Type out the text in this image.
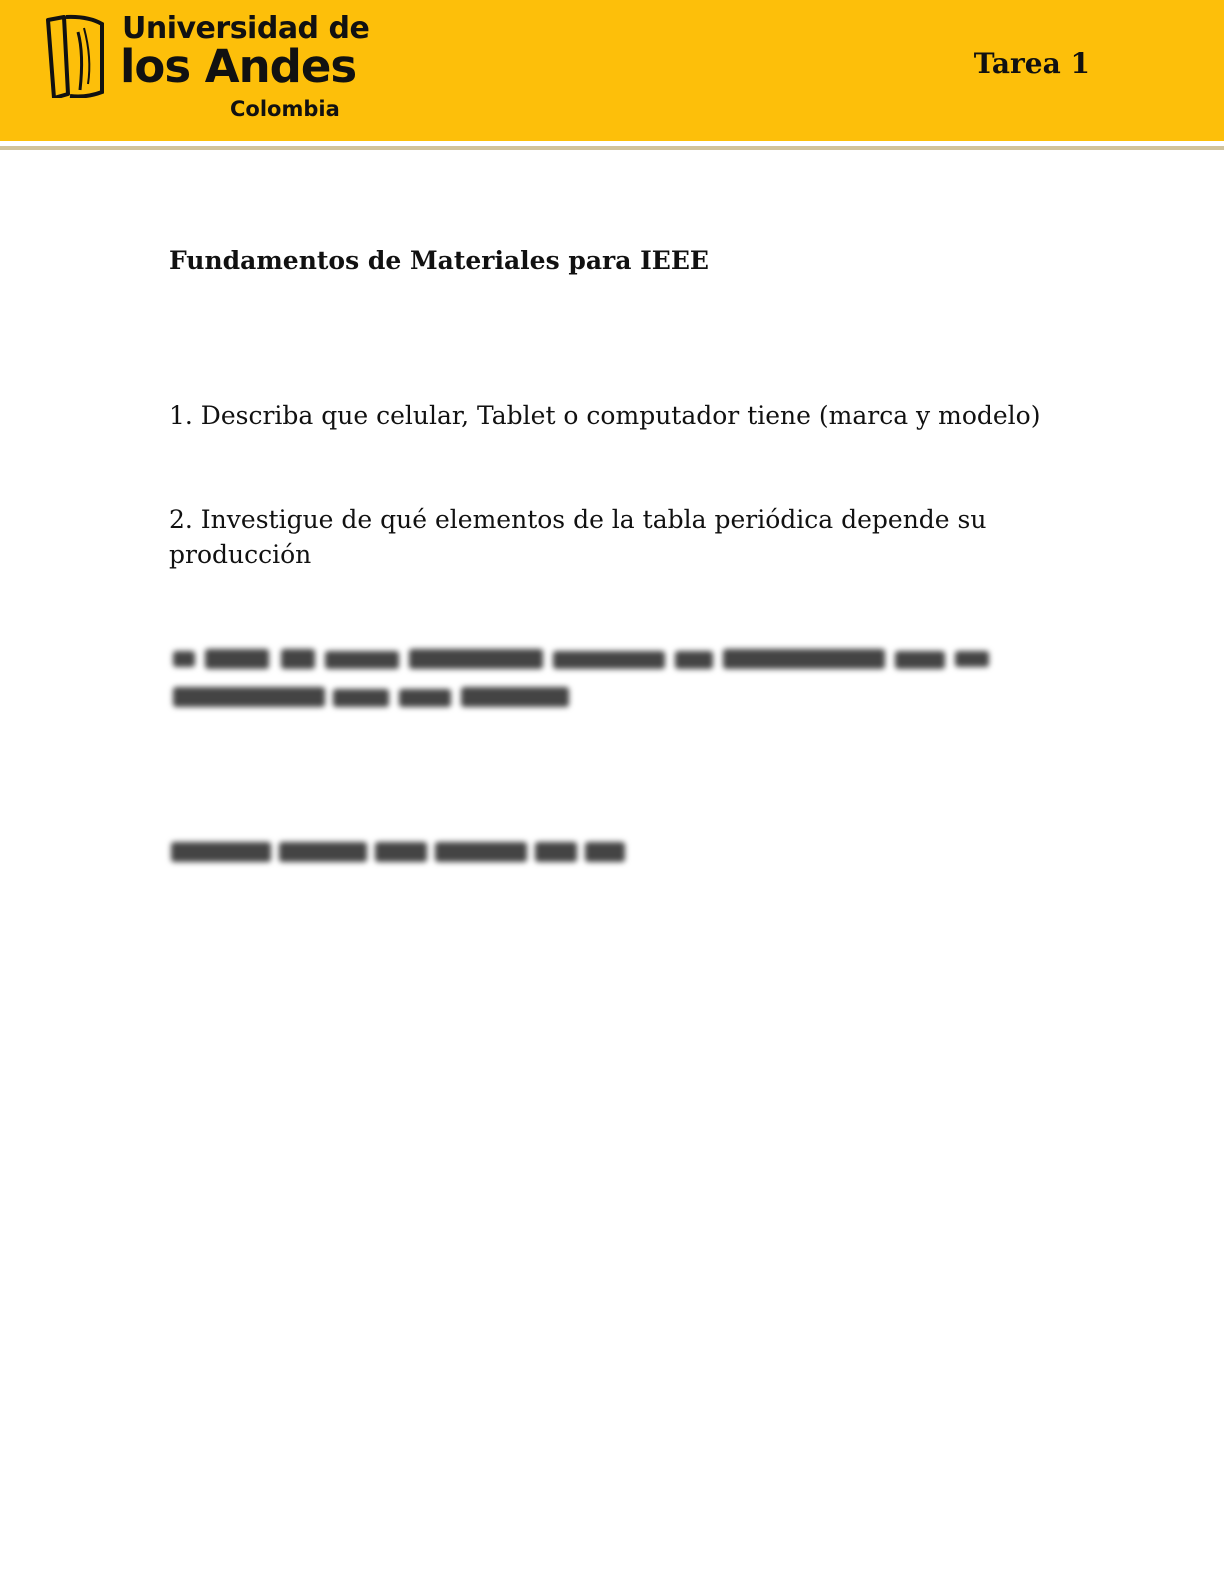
Universidad de
los Andes
Colombia
Tarea 1
Fundamentos de Materiales para IEEE
1. Describa que celular, Tablet o computador tiene (marca y modelo)
2. Investigue de qué elementos de la tabla periódica depende su producción
